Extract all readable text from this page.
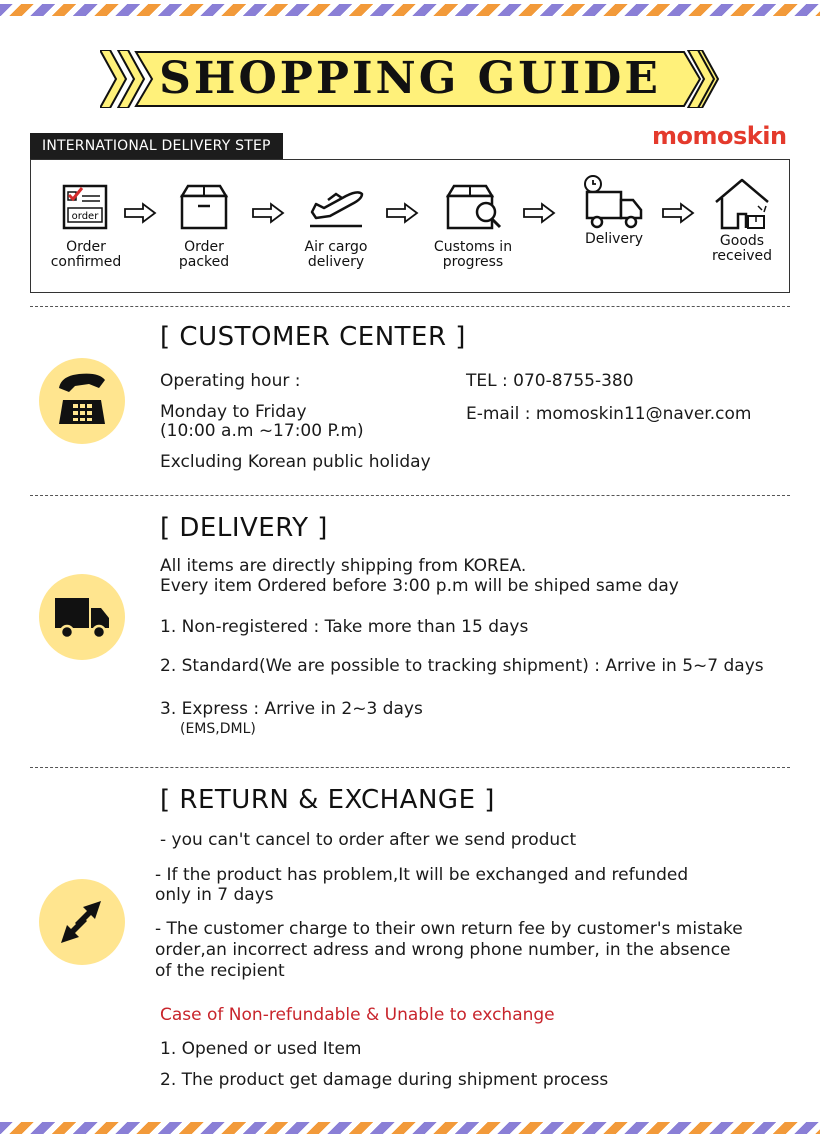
SHOPPING GUIDE
INTERNATIONAL DELIVERY STEP	momoskin
order
Order
confirmed
Order
packed
Air cargo
delivery
Customs in
progress
Delivery	Goods
received
[ CUSTOMER CENTER ]
Operating hour :
Monday to Friday
(10:00 a.m ~17:00 P.m)
Excluding Korean public holiday
TEL : 070-8755-380
E-mail : momoskin11@naver.com
[ DELIVERY ]
All items are directly shipping from KOREA.
Every item Ordered before 3:00 p.m will be shiped same day
1. Non-registered : Take more than 15 days
2. Standard(We are possible to tracking shipment) : Arrive in 5~7 days
3. Express : Arrive in 2~3 days
(EMS,DML)
[ RETURN & EXCHANGE ]
- you can't cancel to order after we send product
- If the product has problem,It will be exchanged and refunded
only in 7 days
- The customer charge to their own return fee by customer's mistake
order,an incorrect adress and wrong phone number, in the absence
of the recipient
Case of Non-refundable & Unable to exchange
1. Opened or used Item
2. The product get damage during shipment process
